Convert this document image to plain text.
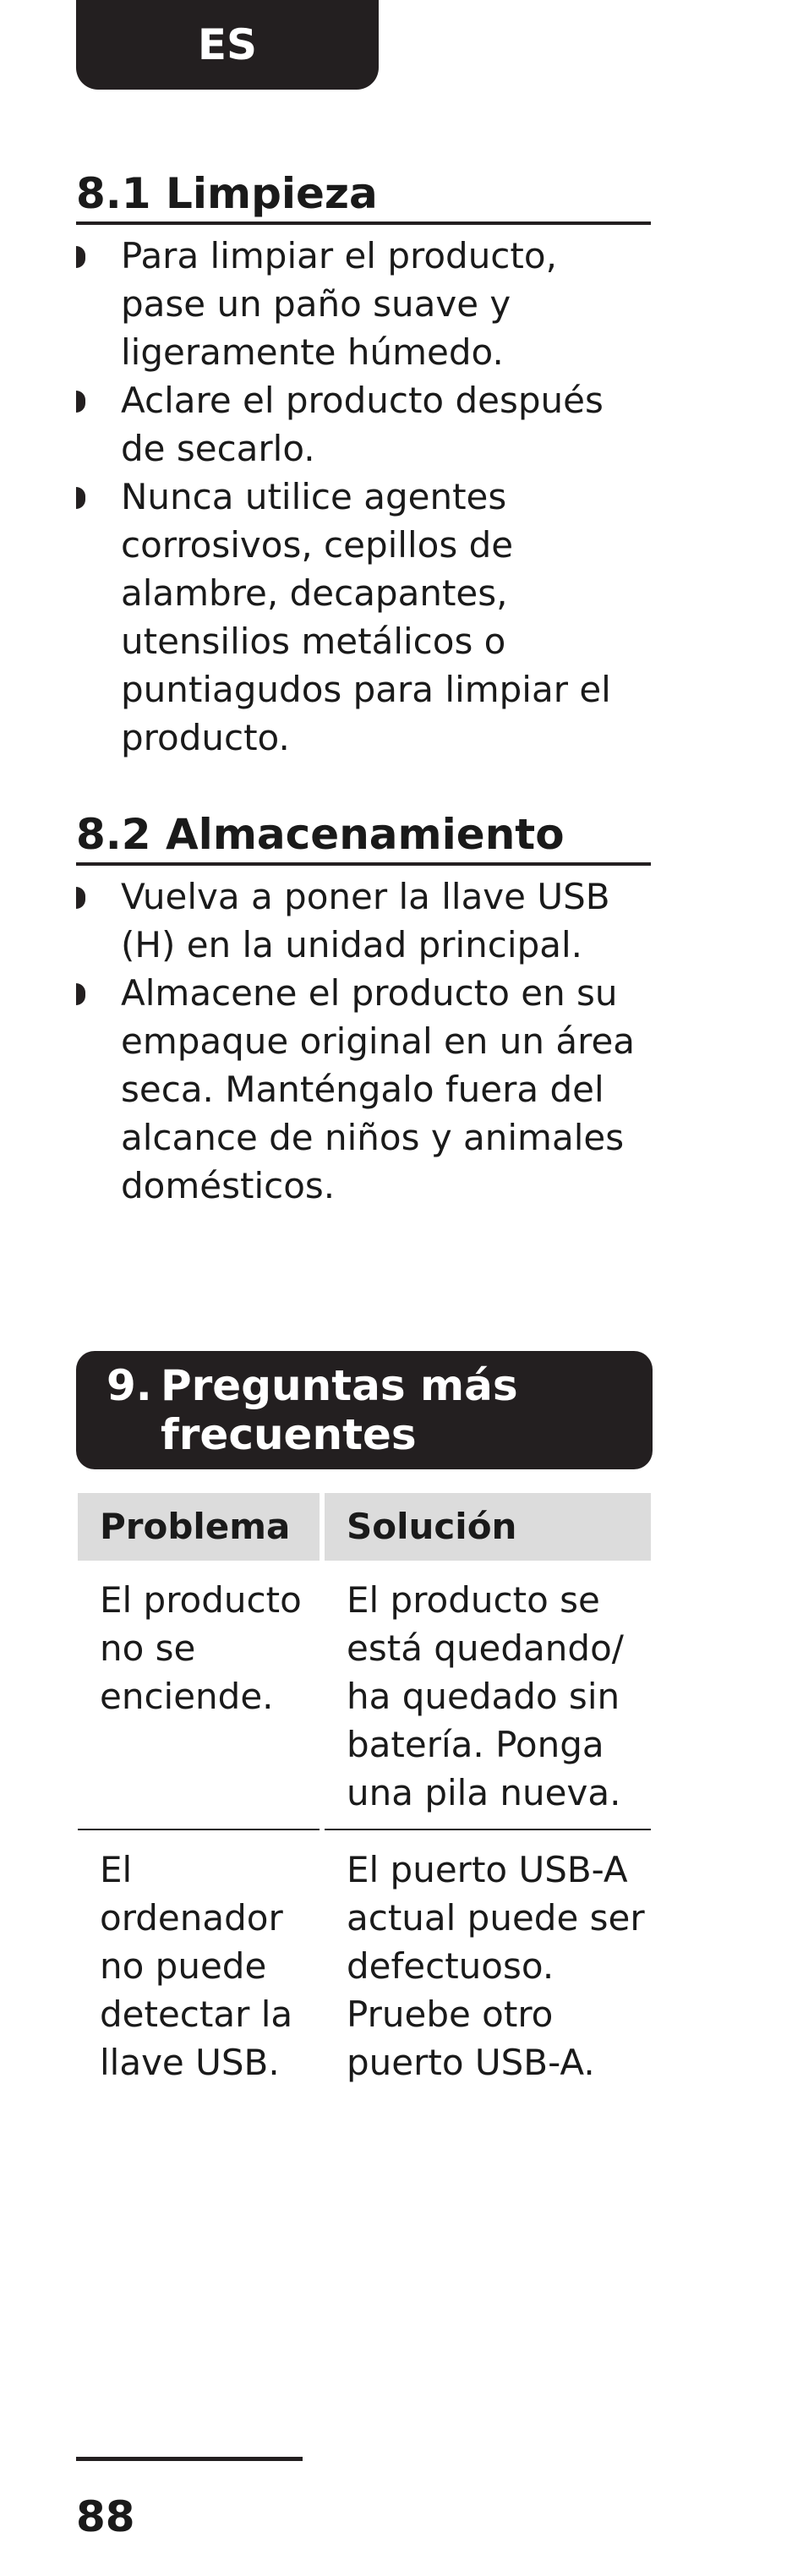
ES
8.1 Limpieza
Para limpiar el producto, pase un paño suave y ligeramente húmedo.
Aclare el producto después de secarlo.
Nunca utilice agentes corrosivos, cepillos de alambre, decapantes, utensilios metálicos o puntiagudos para limpiar el producto.
8.2 Almacenamiento
Vuelva a poner la llave USB (H) en la unidad principal.
Almacene el producto en su empaque original en un área seca. Manténgalo fuera del alcance de niños y animales domésticos.
9. Preguntas más frecuentes
Problema	Solución
El producto no se enciende.	El producto se está quedando/ ha quedado sin batería. Ponga una pila nueva.
El ordenador no puede detectar la llave USB.	El puerto USB-A actual puede ser defectuoso. Pruebe otro puerto USB-A.
88
